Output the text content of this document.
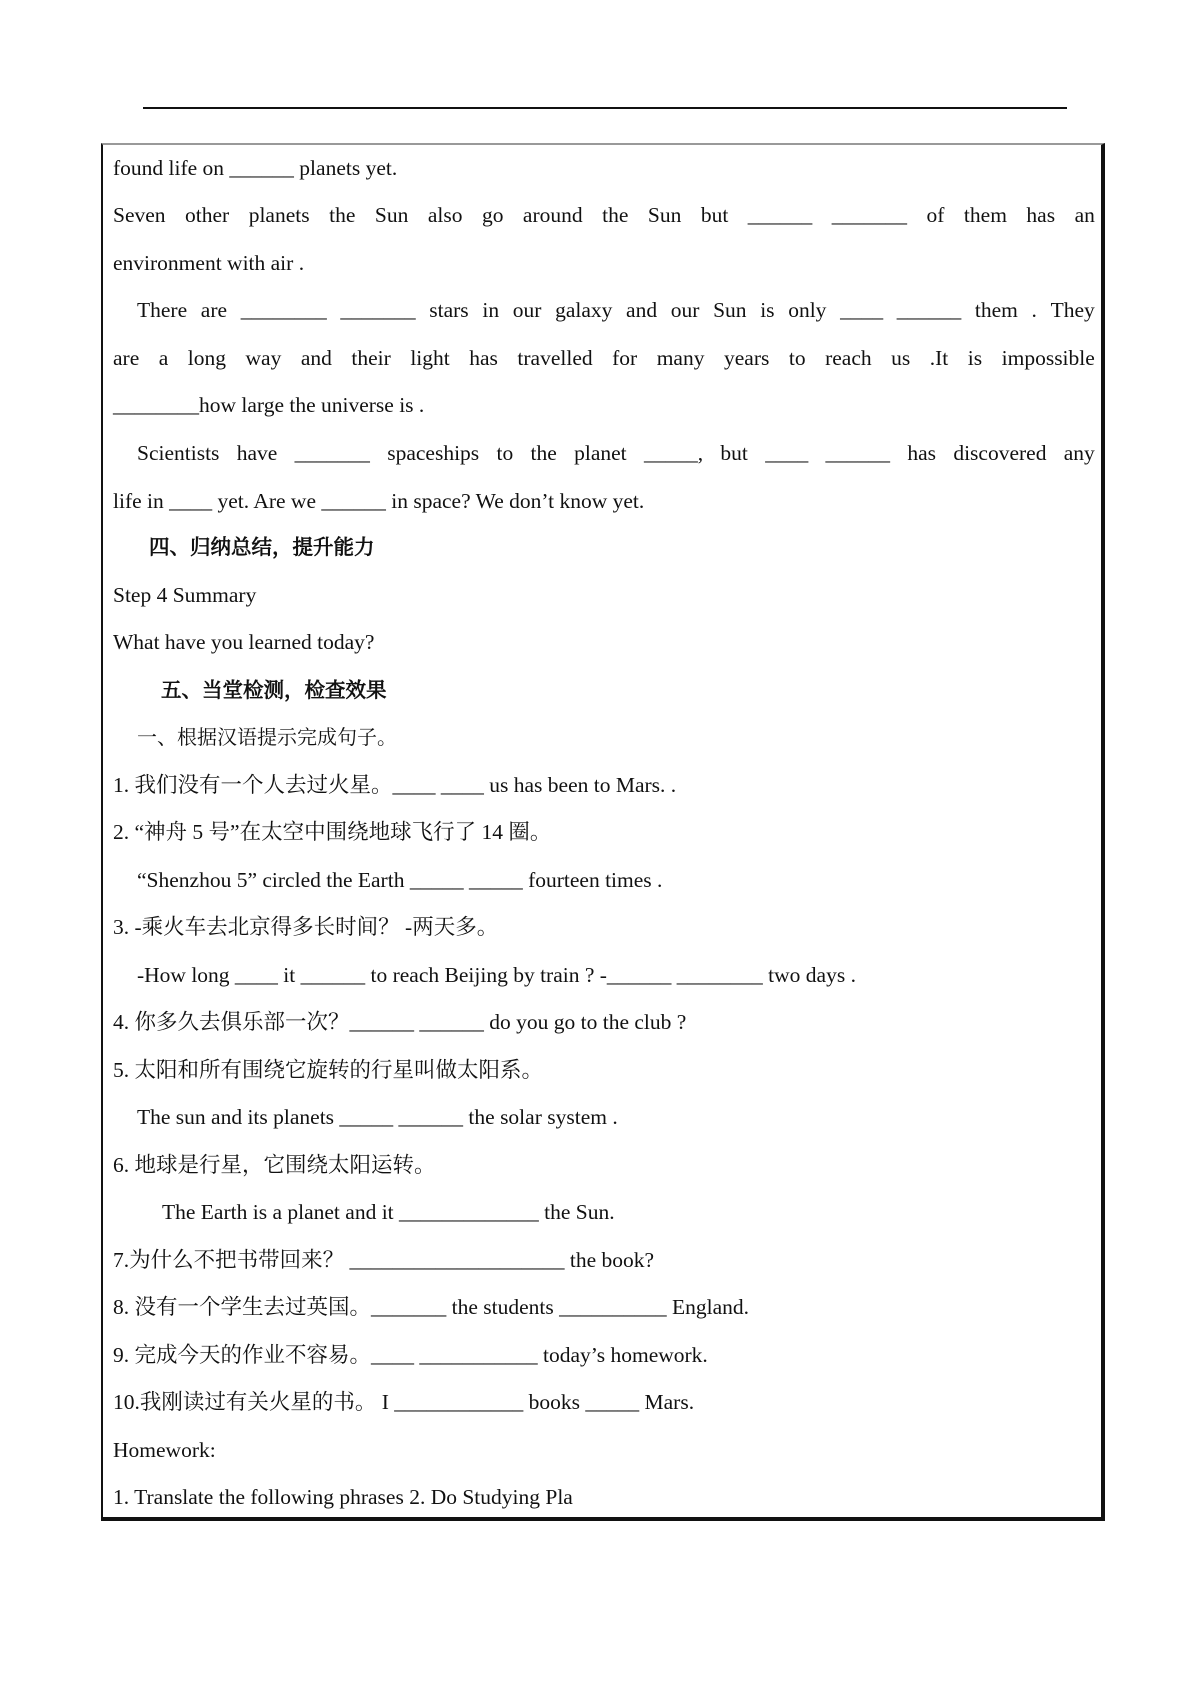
found life on ______ planets yet.
Seven other planets the Sun also go around the Sun but ______ _______ of them has an
environment with air .
There are ________ _______ stars in our galaxy and our Sun is only ____ ______ them . They
are a long way and their light has travelled for many years to reach us .It is impossible
________how large the universe is .
Scientists have _______ spaceships to the planet _____, but ____ ______ has discovered any
life in ____ yet. Are we ______ in space? We don’t know yet.
四、归纳总结，提升能力
Step 4 Summary
What have you learned today?
五、当堂检测，检查效果
一、根据汉语提示完成句子。
1. 我们没有一个人去过火星。____ ____ us has been to Mars. .
2. “神舟 5 号”在太空中围绕地球飞行了 14 圈。
“Shenzhou 5” circled the Earth _____ _____ fourteen times .
3. -乘火车去北京得多长时间？ -两天多。
-How long ____ it ______ to reach Beijing by train ? -______ ________ two days .
4. 你多久去俱乐部一次？______ ______ do you go to the club ?
5. 太阳和所有围绕它旋转的行星叫做太阳系。
The sun and its planets _____ ______ the solar system .
6. 地球是行星，它围绕太阳运转。
The Earth is a planet and it _____________ the Sun.
7.为什么不把书带回来？ ____________________ the book?
8. 没有一个学生去过英国。_______ the students __________ England.
9. 完成今天的作业不容易。____ ___________ today’s homework.
10.我刚读过有关火星的书。 I ____________ books _____ Mars.
Homework:
1. Translate the following phrases 2. Do Studying Pla
